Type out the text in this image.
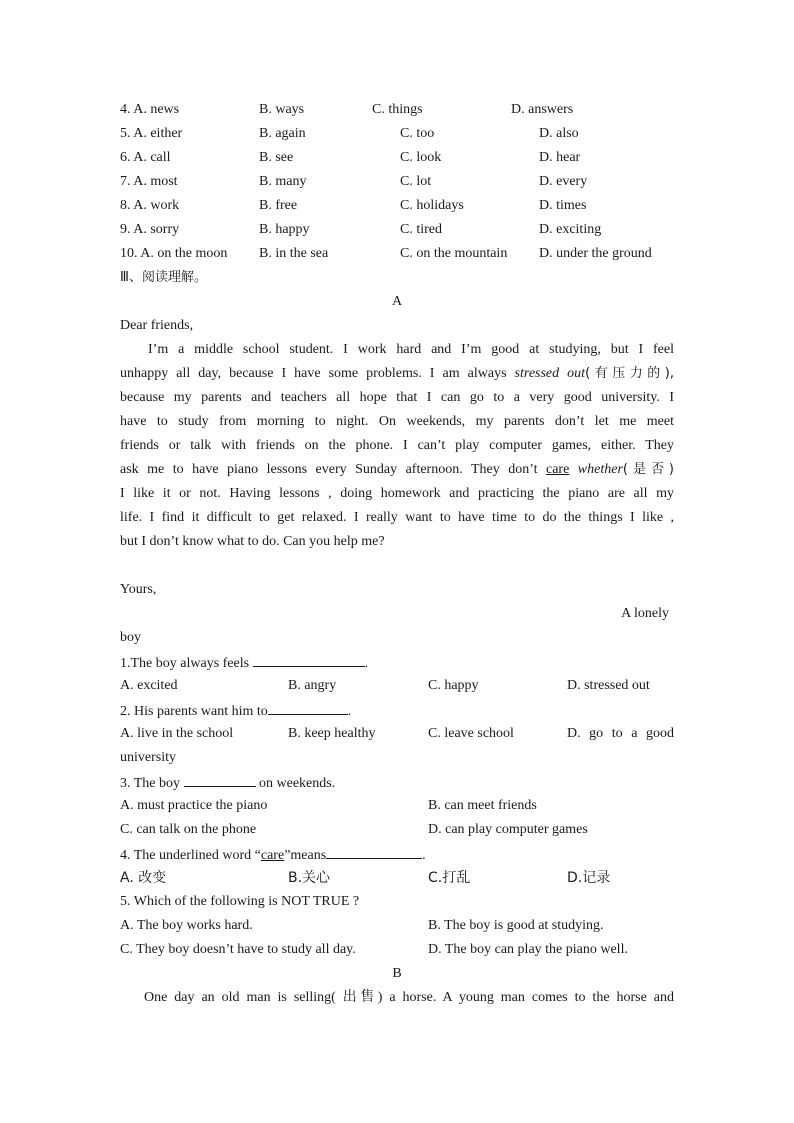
4. A. news	B. ways	C. things	D. answers
5. A. either	B. again	C. too	D. also
6. A. call	B. see	C. look	D. hear
7. A. most	B. many	C. lot	D. every
8. A. work	B. free	C. holidays	D. times
9. A. sorry	B. happy	C. tired	D. exciting
10. A. on the moon B. in the sea	C. on the mountain D. under the ground
Ⅲ、阅读理解。
A
Dear friends,
I’m a middle school student. I work hard and I’m good at studying, but I feel
unhappy all day, because I have some problems. I am always stressed out(有压力的),
because my parents and teachers all hope that I can go to a very good university. I
have to study from morning to night. On weekends, my parents don’t let me meet
friends or talk with friends on the phone. I can’t play computer games, either. They
ask me to have piano lessons every Sunday afternoon. They don’t care whether(是否)
I like it or not. Having lessons , doing homework and practicing the piano are all my
life. I find it difficult to get relaxed. I really want to have time to do the things I like ,
but I don’t know what to do. Can you help me?
Yours,
A lonely
boy
1.The boy always feels	.
A. excited	B. angry	C. happy	D. stressed out
2. His parents want him to	.
A. live in the school	B. keep healthy	C. leave school	D. go to a good
university
3. The boy	on weekends.
A. must practice the piano	B. can meet friends
C. can talk on the phone	D. can play computer games
4. The underlined word “care”means	.
A. 改变	B.关心	C.打乱	D.记录
5. Which of the following is NOT TRUE ?
A. The boy works hard.	B. The boy is good at studying.
C. They boy doesn’t have to study all day.	D. The boy can play the piano well.
B
One day an old man is selling( 出售) a horse. A young man comes to the horse and
